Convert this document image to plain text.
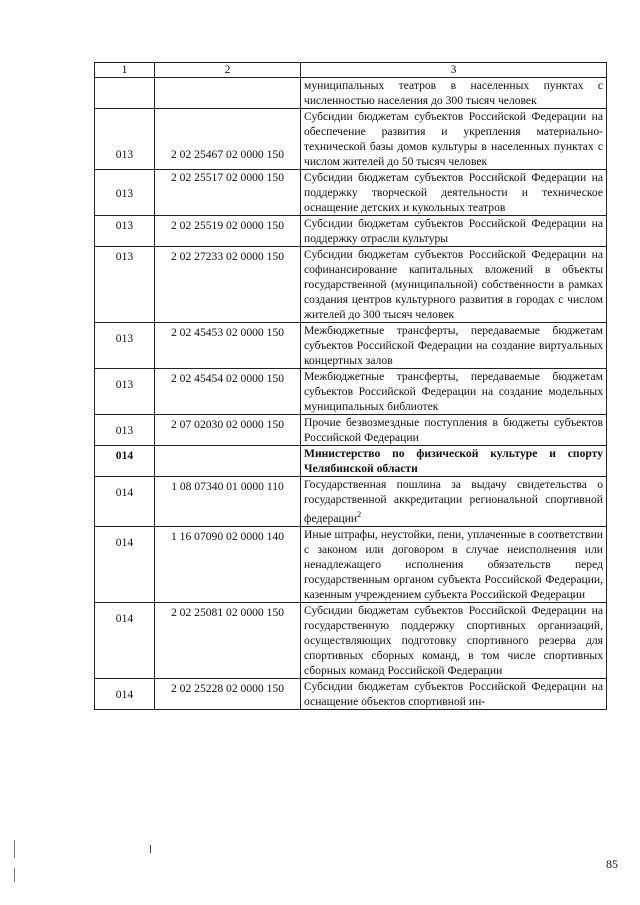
1	2	3
		муниципальных театров в населенных пунктах с численностью населения до 300 тысяч человек
013	2 02 25467 02 0000 150	Субсидии бюджетам субъектов Российской Федерации на обеспечение развития и укрепления материально-технической базы домов культуры в населенных пунктах с числом жителей до 50 тысяч человек
013	2 02 25517 02 0000 150	Субсидии бюджетам субъектов Российской Федерации на поддержку творческой деятельности и техническое оснащение детских и кукольных театров
013	2 02 25519 02 0000 150	Субсидии бюджетам субъектов Российской Федерации на поддержку отрасли культуры
013	2 02 27233 02 0000 150	Субсидии бюджетам субъектов Российской Федерации на софинансирование капитальных вложений в объекты государственной (муниципальной) собственности в рамках создания центров культурного развития в городах с числом жителей до 300 тысяч человек
013	2 02 45453 02 0000 150	Межбюджетные трансферты, передаваемые бюджетам субъектов Российской Федерации на создание виртуальных концертных залов
013	2 02 45454 02 0000 150	Межбюджетные трансферты, передаваемые бюджетам субъектов Российской Федерации на создание модельных муниципальных библиотек
013	2 07 02030 02 0000 150	Прочие безвозмездные поступления в бюджеты субъектов Российской Федерации
014		Министерство по физической культуре и спорту Челябинской области
014	1 08 07340 01 0000 110	Государственная пошлина за выдачу свидетельства о государственной аккредитации региональной спортивной федерации$^2$
014	1 16 07090 02 0000 140	Иные штрафы, неустойки, пени, уплаченные в соответствии с законом или договором в случае неисполнения или ненадлежащего исполнения обязательств перед государственным органом субъекта Российской Федерации, казенным учреждением субъекта Российской Федерации
014	2 02 25081 02 0000 150	Субсидии бюджетам субъектов Российской Федерации на государственную поддержку спортивных организаций, осуществляющих подготовку спортивного резерва для спортивных сборных команд, в том числе спортивных сборных команд Российской Федерации
014	2 02 25228 02 0000 150	Субсидии бюджетам субъектов Российской Федерации на оснащение объектов спортивной ин-
85
